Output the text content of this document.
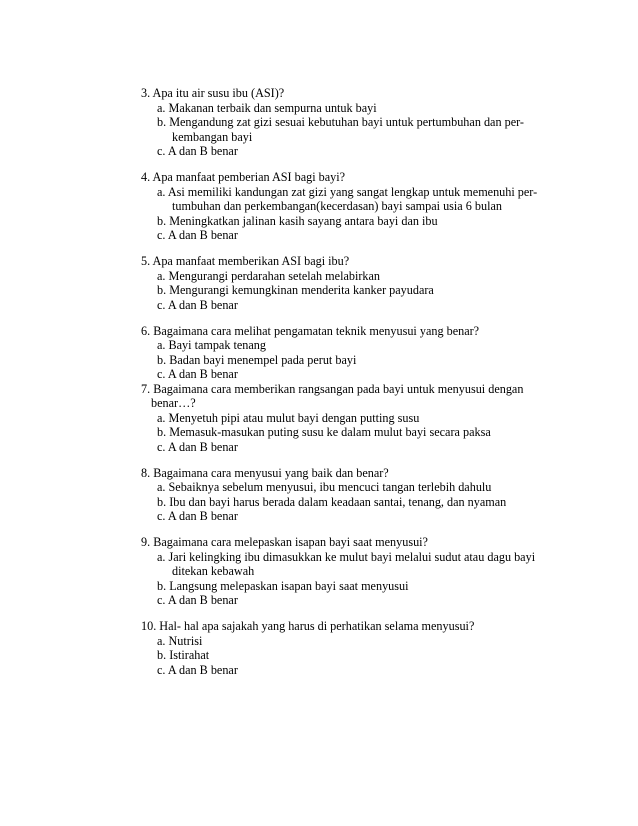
3. Apa itu air susu ibu (ASI)?
a. Makanan terbaik dan sempurna untuk bayi
b. Mengandung zat gizi sesuai kebutuhan bayi untuk pertumbuhan dan per-
kembangan bayi
c. A dan B benar
4. Apa manfaat pemberian ASI bagi bayi?
a. Asi memiliki kandungan zat gizi yang sangat lengkap untuk memenuhi per-
tumbuhan dan perkembangan(kecerdasan) bayi sampai usia 6 bulan
b. Meningkatkan jalinan kasih sayang antara bayi dan ibu
c. A dan B benar
5. Apa manfaat memberikan ASI bagi ibu?
a. Mengurangi perdarahan setelah melabirkan
b. Mengurangi kemungkinan menderita kanker payudara
c. A dan B benar
6. Bagaimana cara melihat pengamatan teknik menyusui yang benar?
a. Bayi tampak tenang
b. Badan bayi menempel pada perut bayi
c. A dan B benar
7. Bagaimana cara memberikan rangsangan pada bayi untuk menyusui dengan
benar…?
a. Menyetuh pipi atau mulut bayi dengan putting susu
b. Memasuk-masukan puting susu ke dalam mulut bayi secara paksa
c. A dan B benar
8. Bagaimana cara menyusui yang baik dan benar?
a. Sebaiknya sebelum menyusui, ibu mencuci tangan terlebih dahulu
b. Ibu dan bayi harus berada dalam keadaan santai, tenang, dan nyaman
c. A dan B benar
9. Bagaimana cara melepaskan isapan bayi saat menyusui?
a. Jari kelingking ibu dimasukkan ke mulut bayi melalui sudut atau dagu bayi
ditekan kebawah
b. Langsung melepaskan isapan bayi saat menyusui
c. A dan B benar
10. Hal- hal apa sajakah yang harus di perhatikan selama menyusui?
a. Nutrisi
b. Istirahat
c. A dan B benar
